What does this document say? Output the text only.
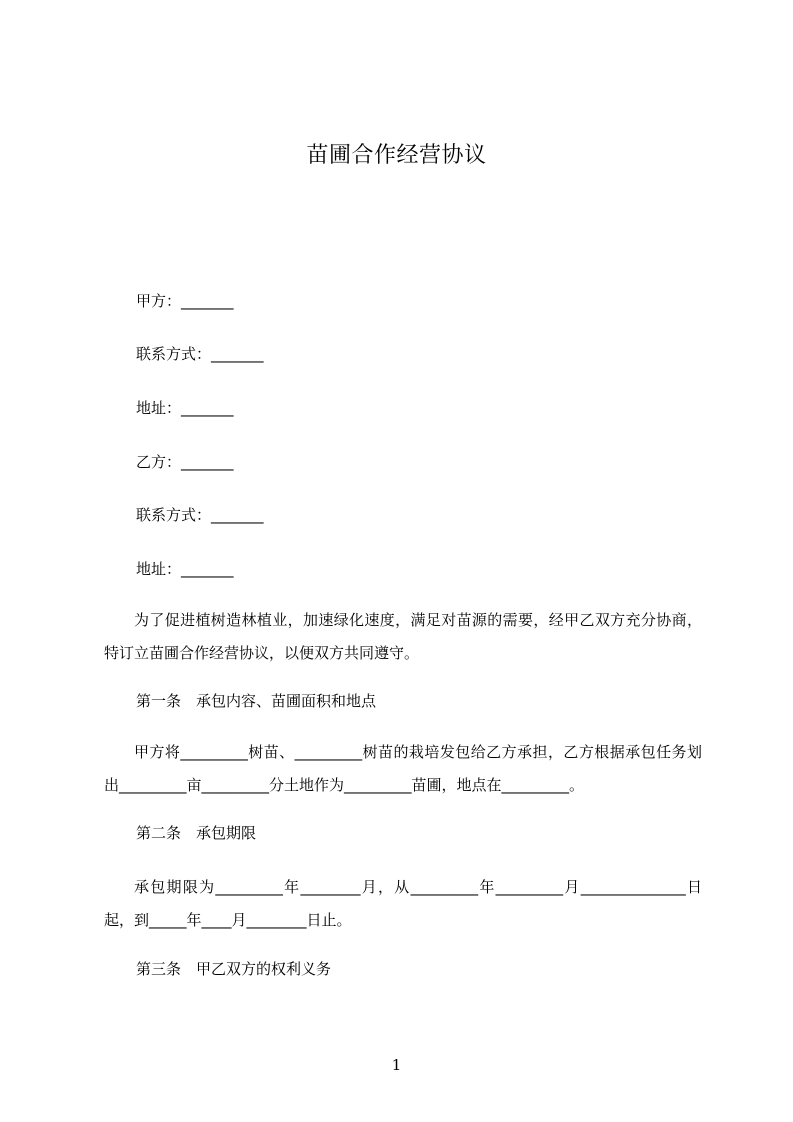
苗圃合作经营协议

甲方：_______

联系方式：_______

地址：_______

乙方：_______

联系方式：_______

地址：_______

为了促进植树造林植业，加速绿化速度，满足对苗源的需要，经甲乙双方充分协商，特订立苗圃合作经营协议，以便双方共同遵守。

第一条　承包内容、苗圃面积和地点

甲方将_________树苗、_________树苗的栽培发包给乙方承担，乙方根据承包任务划出_________亩_________分土地作为_________苗圃，地点在_________。

第二条　承包期限

承包期限为_________年________月，从_________年_________月______________日起，到_____年____月________日止。

第三条　甲乙双方的权利义务

1
